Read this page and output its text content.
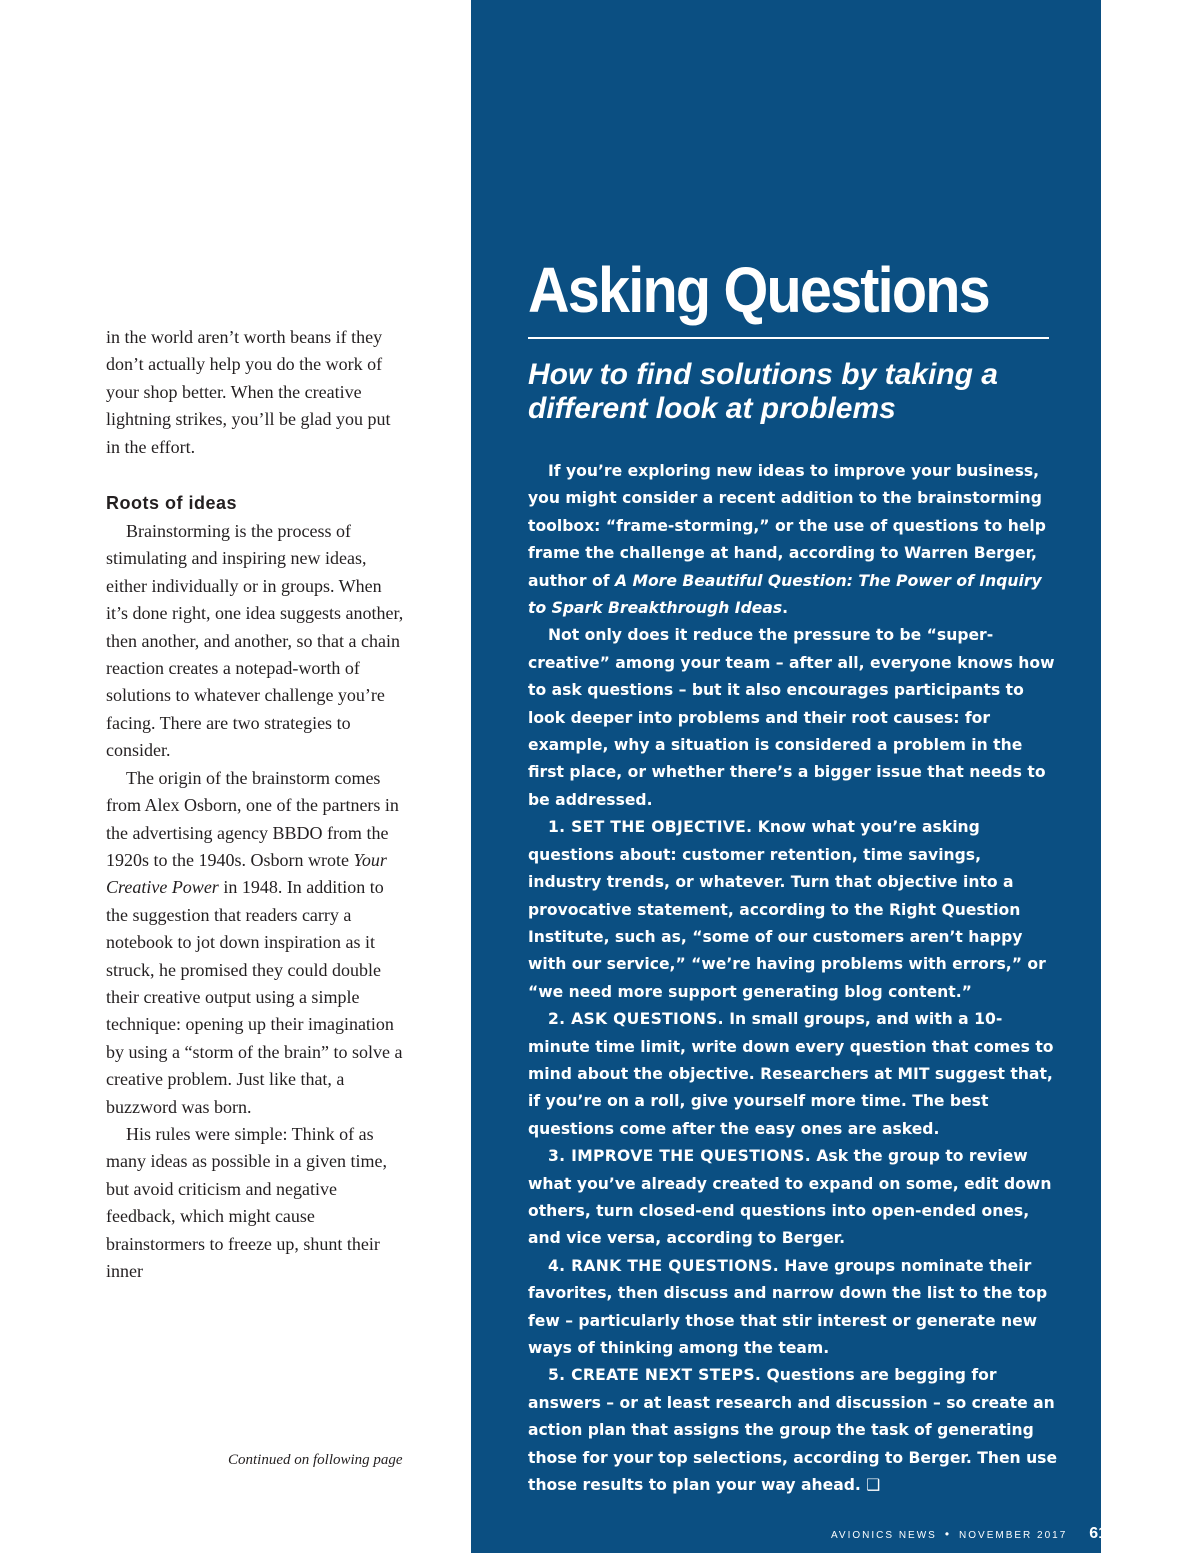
in the world aren’t worth beans if they don’t actually help you do the work of your shop better. When the creative lightning strikes, you’ll be glad you put in the effort.

Roots of ideas

Brainstorming is the process of stimulating and inspiring new ideas, either individually or in groups. When it’s done right, one idea suggests another, then another, and another, so that a chain reaction creates a notepad-worth of solutions to whatever challenge you’re facing. There are two strategies to consider.

The origin of the brainstorm comes from Alex Osborn, one of the partners in the advertising agency BBDO from the 1920s to the 1940s. Osborn wrote Your Creative Power in 1948. In addition to the suggestion that readers carry a notebook to jot down inspiration as it struck, he promised they could double their creative output using a simple technique: opening up their imagination by using a “storm of the brain” to solve a creative problem. Just like that, a buzzword was born.

His rules were simple: Think of as many ideas as possible in a given time, but avoid criticism and negative feedback, which might cause brainstormers to freeze up, shunt their inner

Continued on following page
Asking Questions
How to find solutions by taking a different look at problems

If you’re exploring new ideas to improve your business, you might consider a recent addition to the brainstorming toolbox: “frame-storming,” or the use of questions to help frame the challenge at hand, according to Warren Berger, author of A More Beautiful Question: The Power of Inquiry to Spark Breakthrough Ideas.

Not only does it reduce the pressure to be “super-creative” among your team – after all, everyone knows how to ask questions – but it also encourages participants to look deeper into problems and their root causes: for example, why a situation is considered a problem in the first place, or whether there’s a bigger issue that needs to be addressed.

1. SET THE OBJECTIVE. Know what you’re asking questions about: customer retention, time savings, industry trends, or whatever. Turn that objective into a provocative statement, according to the Right Question Institute, such as, “some of our customers aren’t happy with our service,” “we’re having problems with errors,” or “we need more support generating blog content.”

2. ASK QUESTIONS. In small groups, and with a 10-minute time limit, write down every question that comes to mind about the objective. Researchers at MIT suggest that, if you’re on a roll, give yourself more time. The best questions come after the easy ones are asked.

3. IMPROVE THE QUESTIONS. Ask the group to review what you’ve already created to expand on some, edit down others, turn closed-end questions into open-ended ones, and vice versa, according to Berger.

4. RANK THE QUESTIONS. Have groups nominate their favorites, then discuss and narrow down the list to the top few – particularly those that stir interest or generate new ways of thinking among the team.

5. CREATE NEXT STEPS. Questions are begging for answers – or at least research and discussion – so create an action plan that assigns the group the task of generating those for your top selections, according to Berger. Then use those results to plan your way ahead. ❑

AVIONICS NEWS • NOVEMBER 2017 61
